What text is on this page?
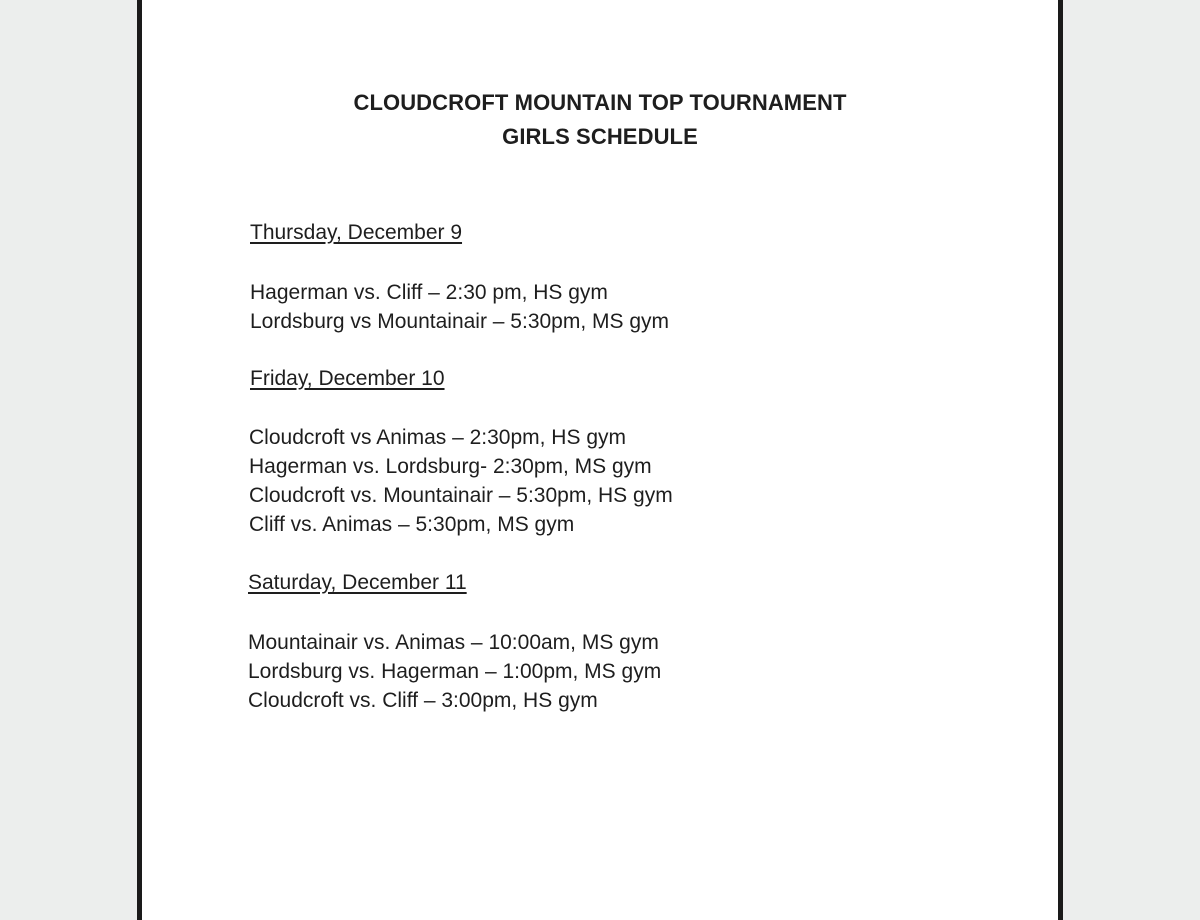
CLOUDCROFT MOUNTAIN TOP TOURNAMENT
GIRLS SCHEDULE
Thursday, December 9
Hagerman vs. Cliff – 2:30 pm, HS gym
Lordsburg vs Mountainair – 5:30pm, MS gym
Friday, December 10
Cloudcroft vs Animas – 2:30pm, HS gym
Hagerman vs. Lordsburg- 2:30pm, MS gym
Cloudcroft vs. Mountainair – 5:30pm, HS gym
Cliff vs. Animas – 5:30pm, MS gym
Saturday, December 11
Mountainair vs. Animas – 10:00am, MS gym
Lordsburg vs. Hagerman – 1:00pm, MS gym
Cloudcroft vs. Cliff – 3:00pm, HS gym
